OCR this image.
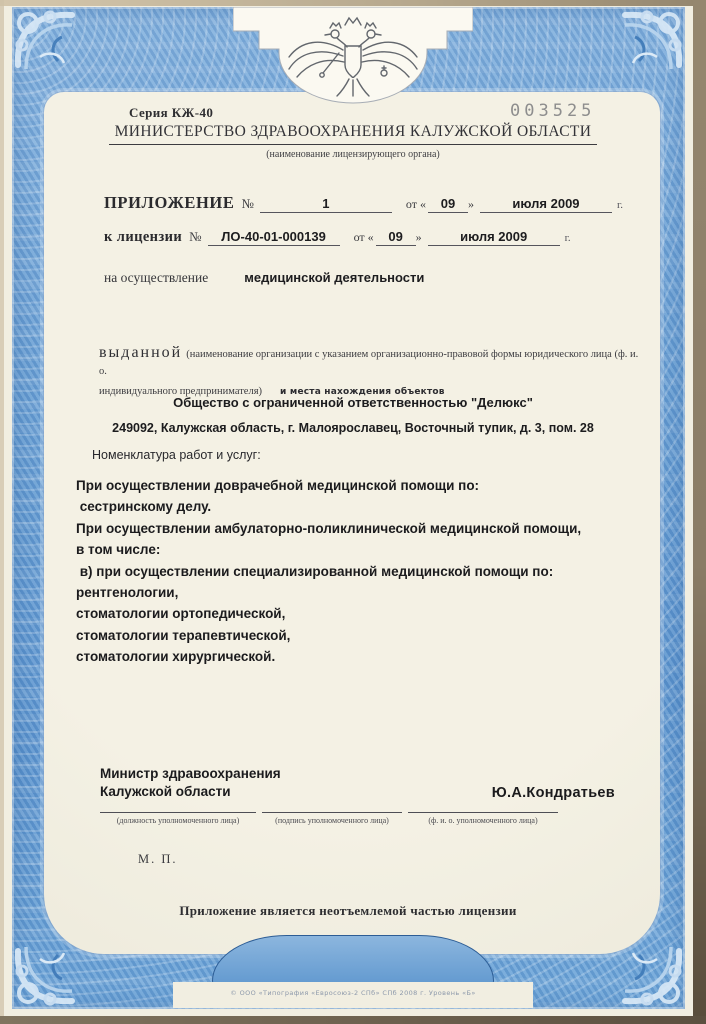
© ООО «Типография «Евросоюз-2 СПб» СПб 2008 г. Уровень «Б»
Серия КЖ-40	003525
МИНИСТЕРСТВО ЗДРАВООХРАНЕНИЯ КАЛУЖСКОЙ ОБЛАСТИ
(наименование лицензирующего органа)
ПРИЛОЖЕНИЕ №	1	от «	09	»	июля 2009	г.
к лицензии №	ЛО-40-01-000139	от «	09	»	июля 2009	г.
на осуществление	медицинской деятельности
выданной (наименование организации с указанием организационно-правовой формы юридического лица (ф. и. о.
индивидуального предпринимателя) и места нахождения объектов
Общество с ограниченной ответственностью "Делюкс"
249092, Калужская область, г. Малоярославец, Восточный тупик, д. 3, пом. 28
Номенклатура работ и услуг:
При осуществлении доврачебной медицинской помощи по:
сестринскому делу.
При осуществлении амбулаторно-поликлинической медицинской помощи,
в том числе:
в) при осуществлении специализированной медицинской помощи по:
рентгенологии,
стоматологии ортопедической,
стоматологии терапевтической,
стоматологии хирургической.
Министр здравоохранения
Калужской области	Ю.А.Кондратьев
(должность уполномоченного лица)	(подпись уполномоченного лица)	(ф. и. о. уполномоченного лица)
М. П.
Приложение является неотъемлемой частью лицензии
